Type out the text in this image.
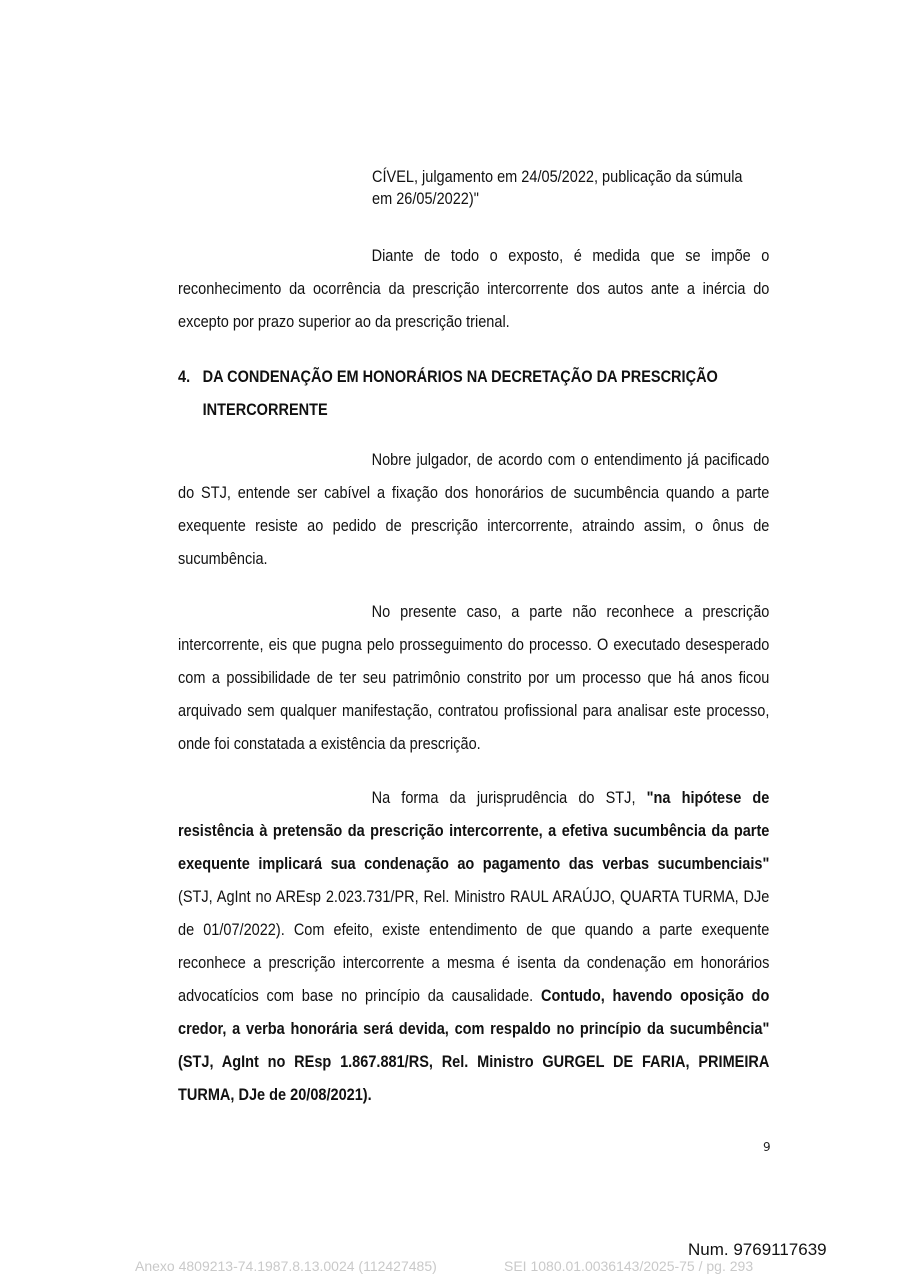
CÍVEL, julgamento em 24/05/2022, publicação da súmula
em 26/05/2022)"
Diante de todo o exposto, é medida que se impõe o reconhecimento da ocorrência da prescrição intercorrente dos autos ante a inércia do excepto por prazo superior ao da prescrição trienal.
4. DA CONDENAÇÃO EM HONORÁRIOS NA DECRETAÇÃO DA PRESCRIÇÃO
INTERCORRENTE
Nobre julgador, de acordo com o entendimento já pacificado do STJ, entende ser cabível a fixação dos honorários de sucumbência quando a parte exequente resiste ao pedido de prescrição intercorrente, atraindo assim, o ônus de sucumbência.
No presente caso, a parte não reconhece a prescrição intercorrente, eis que pugna pelo prosseguimento do processo. O executado desesperado com a possibilidade de ter seu patrimônio constrito por um processo que há anos ficou arquivado sem qualquer manifestação, contratou profissional para analisar este processo, onde foi constatada a existência da prescrição.
Na forma da jurisprudência do STJ, "na hipótese de resistência à pretensão da prescrição intercorrente, a efetiva sucumbência da parte exequente implicará sua condenação ao pagamento das verbas sucumbenciais" (STJ, AgInt no AREsp 2.023.731/PR, Rel. Ministro RAUL ARAÚJO, QUARTA TURMA, DJe de 01/07/2022). Com efeito, existe entendimento de que quando a parte exequente reconhece a prescrição intercorrente a mesma é isenta da condenação em honorários advocatícios com base no princípio da causalidade. Contudo, havendo oposição do credor, a verba honorária será devida, com respaldo no princípio da sucumbência" (STJ, AgInt no REsp 1.867.881/RS, Rel. Ministro GURGEL DE FARIA, PRIMEIRA TURMA, DJe de 20/08/2021).
9
Num. 9769117639
Anexo 4809213-74.1987.8.13.0024 (112427485)	SEI 1080.01.0036143/2025-75 / pg. 293
